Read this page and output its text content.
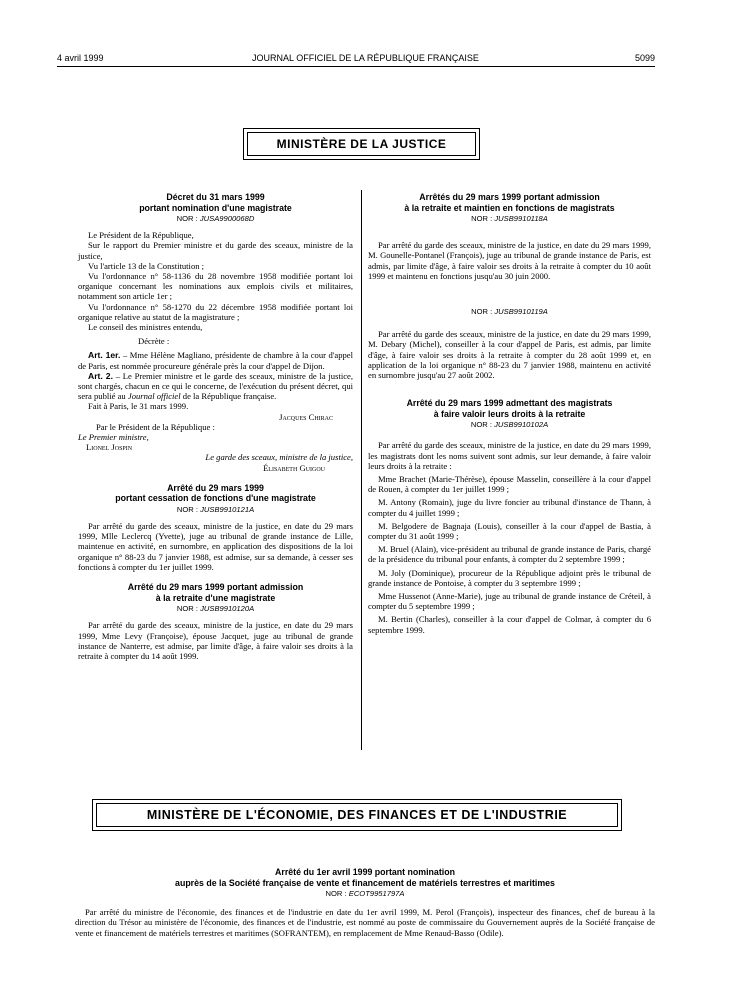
4 avril 1999	JOURNAL OFFICIEL DE LA RÉPUBLIQUE FRANÇAISE	5099
MINISTÈRE DE LA JUSTICE
Décret du 31 mars 1999
portant nomination d'une magistrate
NOR : JUSA9900068D

Le Président de la République,

Sur le rapport du Premier ministre et du garde des sceaux, ministre de la justice,

Vu l'article 13 de la Constitution ;

Vu l'ordonnance n° 58-1136 du 28 novembre 1958 modifiée portant loi organique concernant les nominations aux emplois civils et militaires, notamment son article 1er ;

Vu l'ordonnance n° 58-1270 du 22 décembre 1958 modifiée portant loi organique relative au statut de la magistrature ;

Le conseil des ministres entendu,

Décrète :

Art. 1er. – Mme Hélène Magliano, présidente de chambre à la cour d'appel de Paris, est nommée procureure générale près la cour d'appel de Dijon.

Art. 2. – Le Premier ministre et le garde des sceaux, ministre de la justice, sont chargés, chacun en ce qui le concerne, de l'exécution du présent décret, qui sera publié au Journal officiel de la République française.

Fait à Paris, le 31 mars 1999.

Jacques Chirac

Par le Président de la République :

Le Premier ministre,

Lionel Jospin

Le garde des sceaux, ministre de la justice,

Élisabeth Guigou

Arrêté du 29 mars 1999
portant cessation de fonctions d'une magistrate
NOR : JUSB9910121A

Par arrêté du garde des sceaux, ministre de la justice, en date du 29 mars 1999, Mlle Leclercq (Yvette), juge au tribunal de grande instance de Lille, maintenue en activité, en surnombre, en application des dispositions de la loi organique n° 88-23 du 7 janvier 1988, est admise, sur sa demande, à cesser ses fonctions à compter du 1er juillet 1999.

Arrêté du 29 mars 1999 portant admission
à la retraite d'une magistrate
NOR : JUSB9910120A

Par arrêté du garde des sceaux, ministre de la justice, en date du 29 mars 1999, Mme Levy (Françoise), épouse Jacquet, juge au tribunal de grande instance de Nanterre, est admise, par limite d'âge, à faire valoir ses droits à la retraite à compter du 14 août 1999.

Arrêtés du 29 mars 1999 portant admission
à la retraite et maintien en fonctions de magistrats
NOR : JUSB9910118A

Par arrêté du garde des sceaux, ministre de la justice, en date du 29 mars 1999, M. Gounelle-Pontanel (François), juge au tribunal de grande instance de Paris, est admis, par limite d'âge, à faire valoir ses droits à la retraite à compter du 10 août 1999 et maintenu en fonctions jusqu'au 30 juin 2000.

NOR : JUSB9910119A

Par arrêté du garde des sceaux, ministre de la justice, en date du 29 mars 1999, M. Debary (Michel), conseiller à la cour d'appel de Paris, est admis, par limite d'âge, à faire valoir ses droits à la retraite à compter du 28 août 1999 et, en application de la loi organique n° 88-23 du 7 janvier 1988, maintenu en activité en surnombre jusqu'au 27 août 2002.

Arrêté du 29 mars 1999 admettant des magistrats
à faire valoir leurs droits à la retraite
NOR : JUSB9910102A

Par arrêté du garde des sceaux, ministre de la justice, en date du 29 mars 1999, les magistrats dont les noms suivent sont admis, sur leur demande, à faire valoir leurs droits à la retraite :

Mme Brachet (Marie-Thérèse), épouse Masselin, conseillère à la cour d'appel de Rouen, à compter du 1er juillet 1999 ;

M. Antony (Romain), juge du livre foncier au tribunal d'instance de Thann, à compter du 4 juillet 1999 ;

M. Belgodere de Bagnaja (Louis), conseiller à la cour d'appel de Bastia, à compter du 31 août 1999 ;

M. Bruel (Alain), vice-président au tribunal de grande instance de Paris, chargé de la présidence du tribunal pour enfants, à compter du 2 septembre 1999 ;

M. Joly (Dominique), procureur de la République adjoint près le tribunal de grande instance de Pontoise, à compter du 3 septembre 1999 ;

Mme Hussenot (Anne-Marie), juge au tribunal de grande instance de Créteil, à compter du 5 septembre 1999 ;

M. Bertin (Charles), conseiller à la cour d'appel de Colmar, à compter du 6 septembre 1999.

MINISTÈRE DE L'ÉCONOMIE, DES FINANCES ET DE L'INDUSTRIE
Arrêté du 1er avril 1999 portant nomination
auprès de la Société française de vente et financement de matériels terrestres et maritimes
NOR : ECOT9951797A

Par arrêté du ministre de l'économie, des finances et de l'industrie en date du 1er avril 1999, M. Perol (François), inspecteur des finances, chef de bureau à la direction du Trésor au ministère de l'économie, des finances et de l'industrie, est nommé au poste de commissaire du Gouvernement auprès de la Société française de vente et financement de matériels terrestres et maritimes (SOFRANTEM), en remplacement de Mme Renaud-Basso (Odile).
